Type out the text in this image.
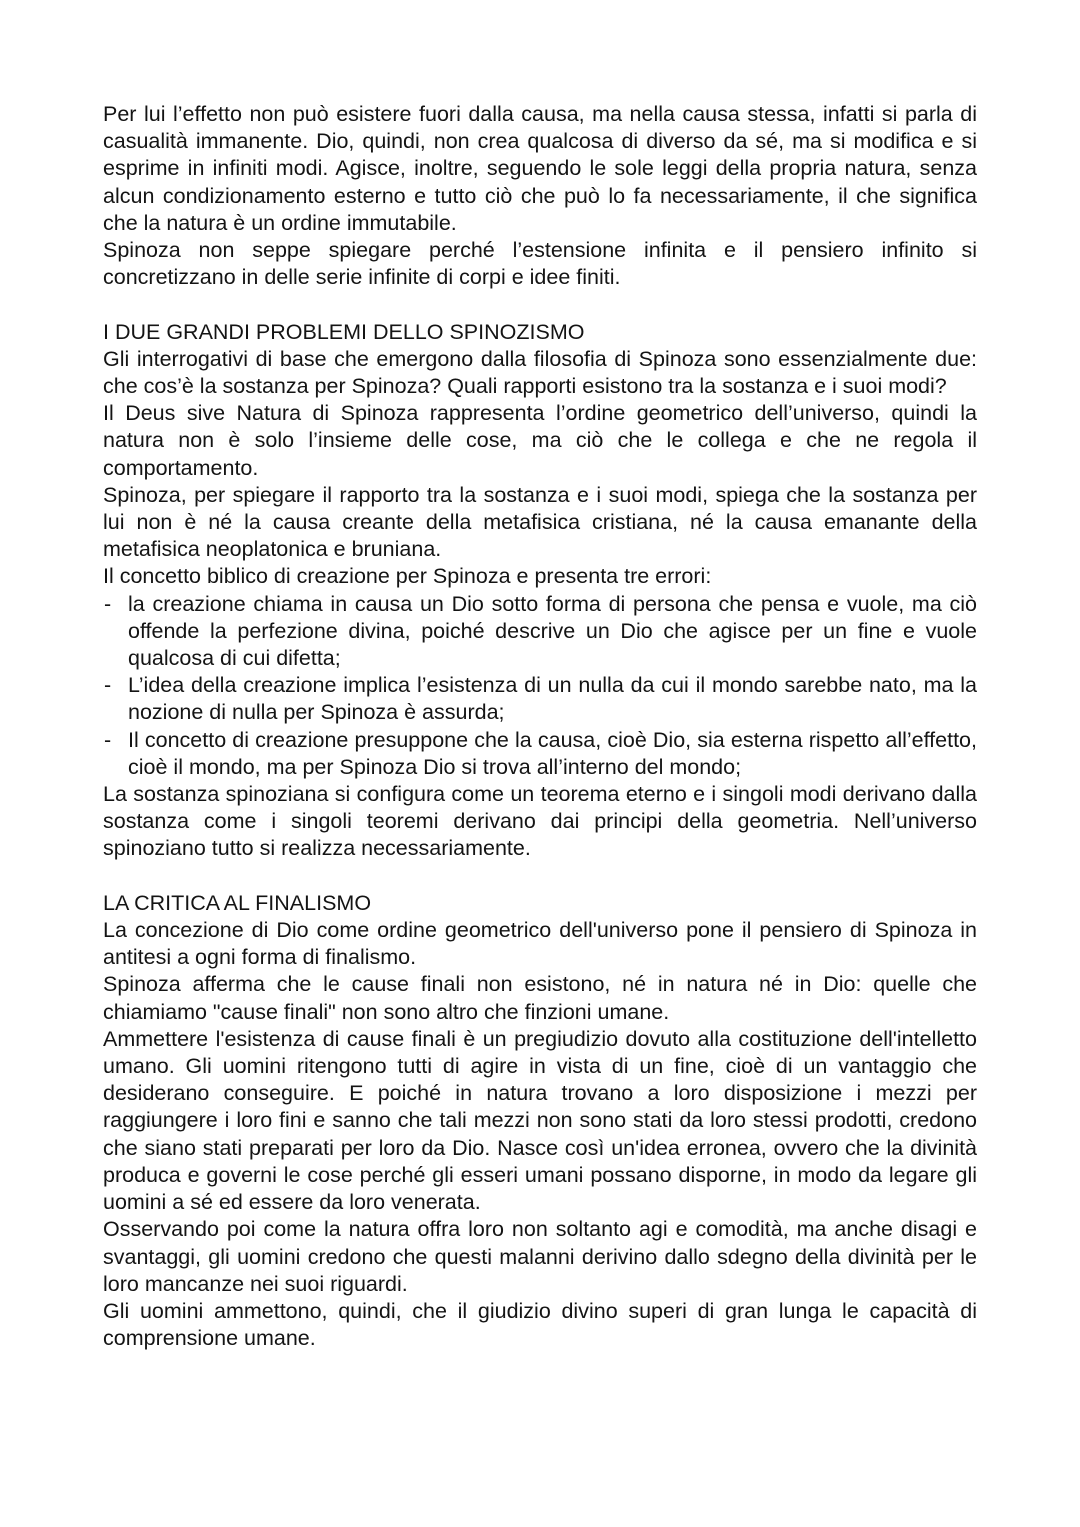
Per lui l’effetto non può esistere fuori dalla causa, ma nella causa stessa, infatti si parla di casualità immanente. Dio, quindi, non crea qualcosa di diverso da sé, ma si modifica e si esprime in infiniti modi. Agisce, inoltre, seguendo le sole leggi della propria natura, senza alcun condizionamento esterno e tutto ciò che può lo fa necessariamente, il che significa che la natura è un ordine immutabile.

Spinoza non seppe spiegare perché l’estensione infinita e il pensiero infinito si concretizzano in delle serie infinite di corpi e idee finiti.

I DUE GRANDI PROBLEMI DELLO SPINOZISMO

Gli interrogativi di base che emergono dalla filosofia di Spinoza sono essenzialmente due: che cos’è la sostanza per Spinoza? Quali rapporti esistono tra la sostanza e i suoi modi?

Il Deus sive Natura di Spinoza rappresenta l’ordine geometrico dell’universo, quindi la natura non è solo l’insieme delle cose, ma ciò che le collega e che ne regola il comportamento.

Spinoza, per spiegare il rapporto tra la sostanza e i suoi modi, spiega che la sostanza per lui non è né la causa creante della metafisica cristiana, né la causa emanante della metafisica neoplatonica e bruniana.

Il concetto biblico di creazione per Spinoza e presenta tre errori:

- la creazione chiama in causa un Dio sotto forma di persona che pensa e vuole, ma ciò offende la perfezione divina, poiché descrive un Dio che agisce per un fine e vuole qualcosa di cui difetta;
- L’idea della creazione implica l’esistenza di un nulla da cui il mondo sarebbe nato, ma la nozione di nulla per Spinoza è assurda;
- Il concetto di creazione presuppone che la causa, cioè Dio, sia esterna rispetto all’effetto, cioè il mondo, ma per Spinoza Dio si trova all’interno del mondo;

La sostanza spinoziana si configura come un teorema eterno e i singoli modi derivano dalla sostanza come i singoli teoremi derivano dai principi della geometria. Nell’universo spinoziano tutto si realizza necessariamente.

LA CRITICA AL FINALISMO

La concezione di Dio come ordine geometrico dell'universo pone il pensiero di Spinoza in antitesi a ogni forma di finalismo.

Spinoza afferma che le cause finali non esistono, né in natura né in Dio: quelle che chiamiamo "cause finali" non sono altro che finzioni umane.

Ammettere l'esistenza di cause finali è un pregiudizio dovuto alla costituzione dell'intelletto umano. Gli uomini ritengono tutti di agire in vista di un fine, cioè di un vantaggio che desiderano conseguire. E poiché in natura trovano a loro disposizione i mezzi per raggiungere i loro fini e sanno che tali mezzi non sono stati da loro stessi prodotti, credono che siano stati preparati per loro da Dio. Nasce così un'idea erronea, ovvero che la divinità produca e governi le cose perché gli esseri umani possano disporne, in modo da legare gli uomini a sé ed essere da loro venerata.

Osservando poi come la natura offra loro non soltanto agi e comodità, ma anche disagi e svantaggi, gli uomini credono che questi malanni derivino dallo sdegno della divinità per le loro mancanze nei suoi riguardi.

Gli uomini ammettono, quindi, che il giudizio divino superi di gran lunga le capacità di comprensione umane.
